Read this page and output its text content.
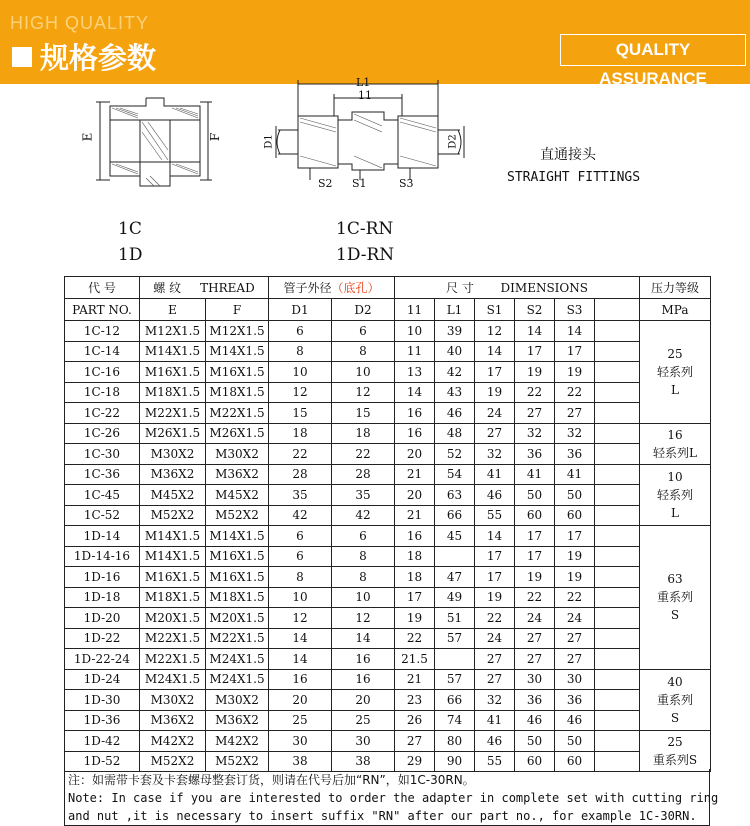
HIGH QUALITY
规格参数	QUALITY ASSURANCE
E	F
L1
11
D1	D2
S2 S1	S3
直通接头
STRAIGHT FITTINGS
1C
1D
1C-RN
1D-RN
代 号	螺 纹 THREAD		管子外径（底孔）		尺 寸 DIMENSIONS						压力等级
PART NO.	E	F	D1	D2	11	L1	S1	S2	S3		MPa
1C-12	M12X1.5	M12X1.5	6	6	10	39	12	14	14		25
轻系列
L

1C-14	M14X1.5	M14X1.5	8	8	11	40	14	17	17		
1C-16	M16X1.5	M16X1.5	10	10	13	42	17	19	19		
1C-18	M18X1.5	M18X1.5	12	12	14	43	19	22	22		
1C-22	M22X1.5	M22X1.5	15	15	16	46	24	27	27		
1C-26	M26X1.5	M26X1.5	18	18	16	48	27	32	32		16
轻系列L

1C-30	M30X2	M30X2	22	22	20	52	32	36	36		
1C-36	M36X2	M36X2	28	28	21	54	41	41	41		10
轻系列
L

1C-45	M45X2	M45X2	35	35	20	63	46	50	50		
1C-52	M52X2	M52X2	42	42	21	66	55	60	60		
1D-14	M14X1.5	M14X1.5	6	6	16	45	14	17	17		63
重系列
S

1D-14-16	M14X1.5	M16X1.5	6	8	18		17	17	19		
1D-16	M16X1.5	M16X1.5	8	8	18	47	17	19	19		
1D-18	M18X1.5	M18X1.5	10	10	17	49	19	22	22		
1D-20	M20X1.5	M20X1.5	12	12	19	51	22	24	24		
1D-22	M22X1.5	M22X1.5	14	14	22	57	24	27	27		
1D-22-24	M22X1.5	M24X1.5	14	16	21.5		27	27	27		
1D-24	M24X1.5	M24X1.5	16	16	21	57	27	30	30		40
重系列
S

1D-30	M30X2	M30X2	20	20	23	66	32	36	36		
1D-36	M36X2	M36X2	25	25	26	74	41	46	46		
1D-42	M42X2	M42X2	30	30	27	80	46	50	50		25
重系列S

1D-52	M52X2	M52X2	38	38	29	90	55	60	60		
注：如需带卡套及卡套螺母整套订货，则请在代号后加“RN”，如1C-30RN。
Note: In case if you are interested to order the adapter in complete set with cutting ring
and nut ,it is necessary to insert suffix "RN" after our part no., for example 1C-30RN.
